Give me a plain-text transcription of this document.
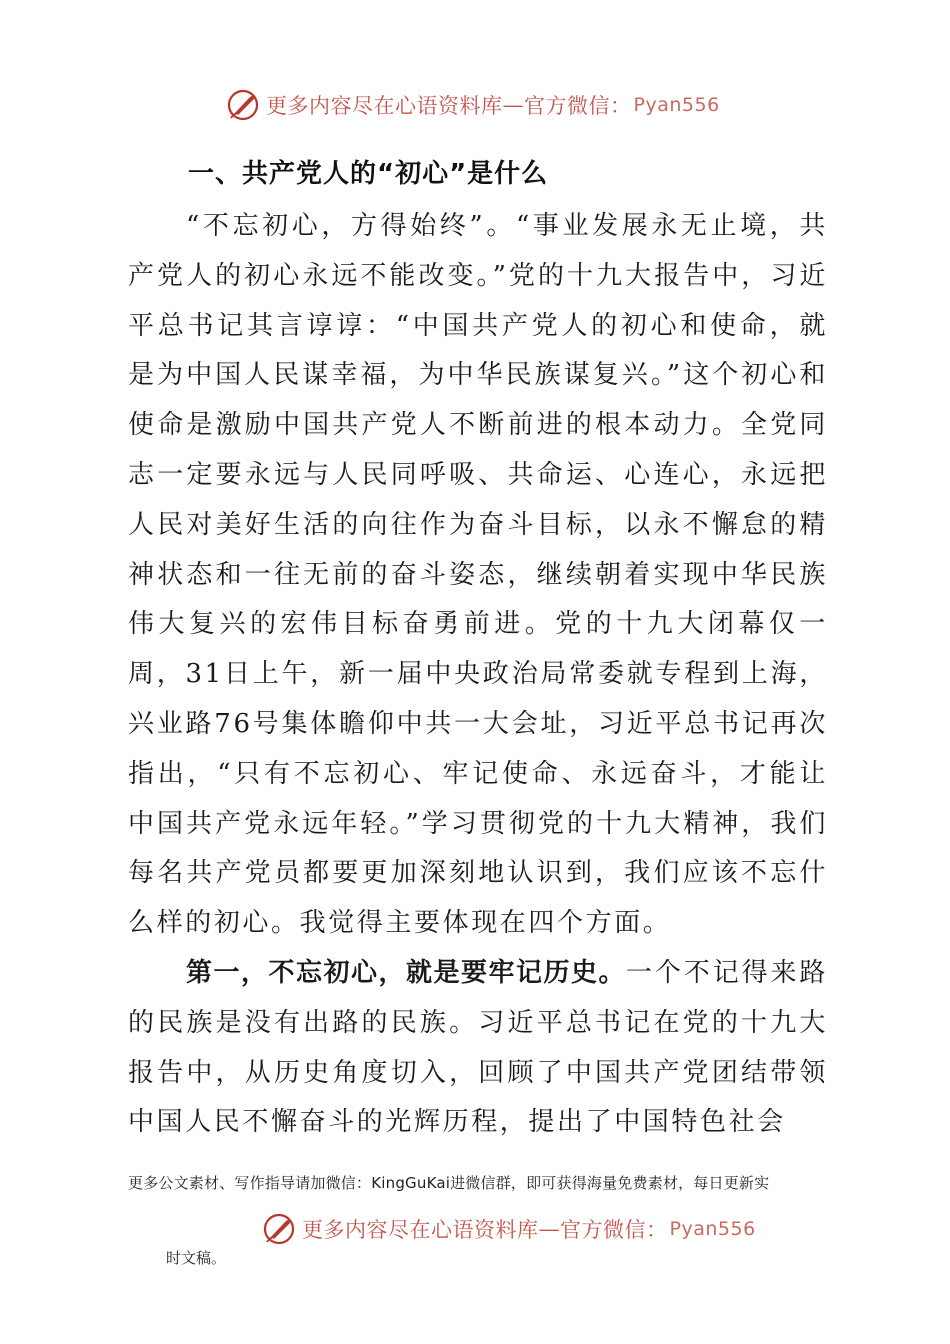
更多内容尽在心语资料库 — 官方微信： Pyan556
一、共产党人的“初心”是什么

“不忘初心，方得始终”。“事业发展永无止境，共产党人的初心永远不能改变。”党的十九大报告中，习近平总书记其言谆谆：“中国共产党人的初心和使命，就是为中国人民谋幸福，为中华民族谋复兴。”这个初心和使命是激励中国共产党人不断前进的根本动力。全党同志一定要永远与人民同呼吸、共命运、心连心，永远把人民对美好生活的向往作为奋斗目标，以永不懈怠的精神状态和一往无前的奋斗姿态，继续朝着实现中华民族伟大复兴的宏伟目标奋勇前进。党的十九大闭幕仅一周，31日上午，新一届中央政治局常委就专程到上海，兴业路76号集体瞻仰中共一大会址，习近平总书记再次指出，“只有不忘初心、牢记使命、永远奋斗，才能让中国共产党永远年轻。”学习贯彻党的十九大精神，我们每名共产党员都要更加深刻地认识到，我们应该不忘什么样的初心。我觉得主要体现在四个方面。

第一，不忘初心，就是要牢记历史。一个不记得来路的民族是没有出路的民族。习近平总书记在党的十九大报告中，从历史角度切入，回顾了中国共产党团结带领中国人民不懈奋斗的光辉历程，提出了中国特色社会

更多公文素材、写作指导请加微信：KingGuKai进微信群，即可获得海量免费素材，每日更新实
更多内容尽在心语资料库 — 官方微信： Pyan556
时文稿。
